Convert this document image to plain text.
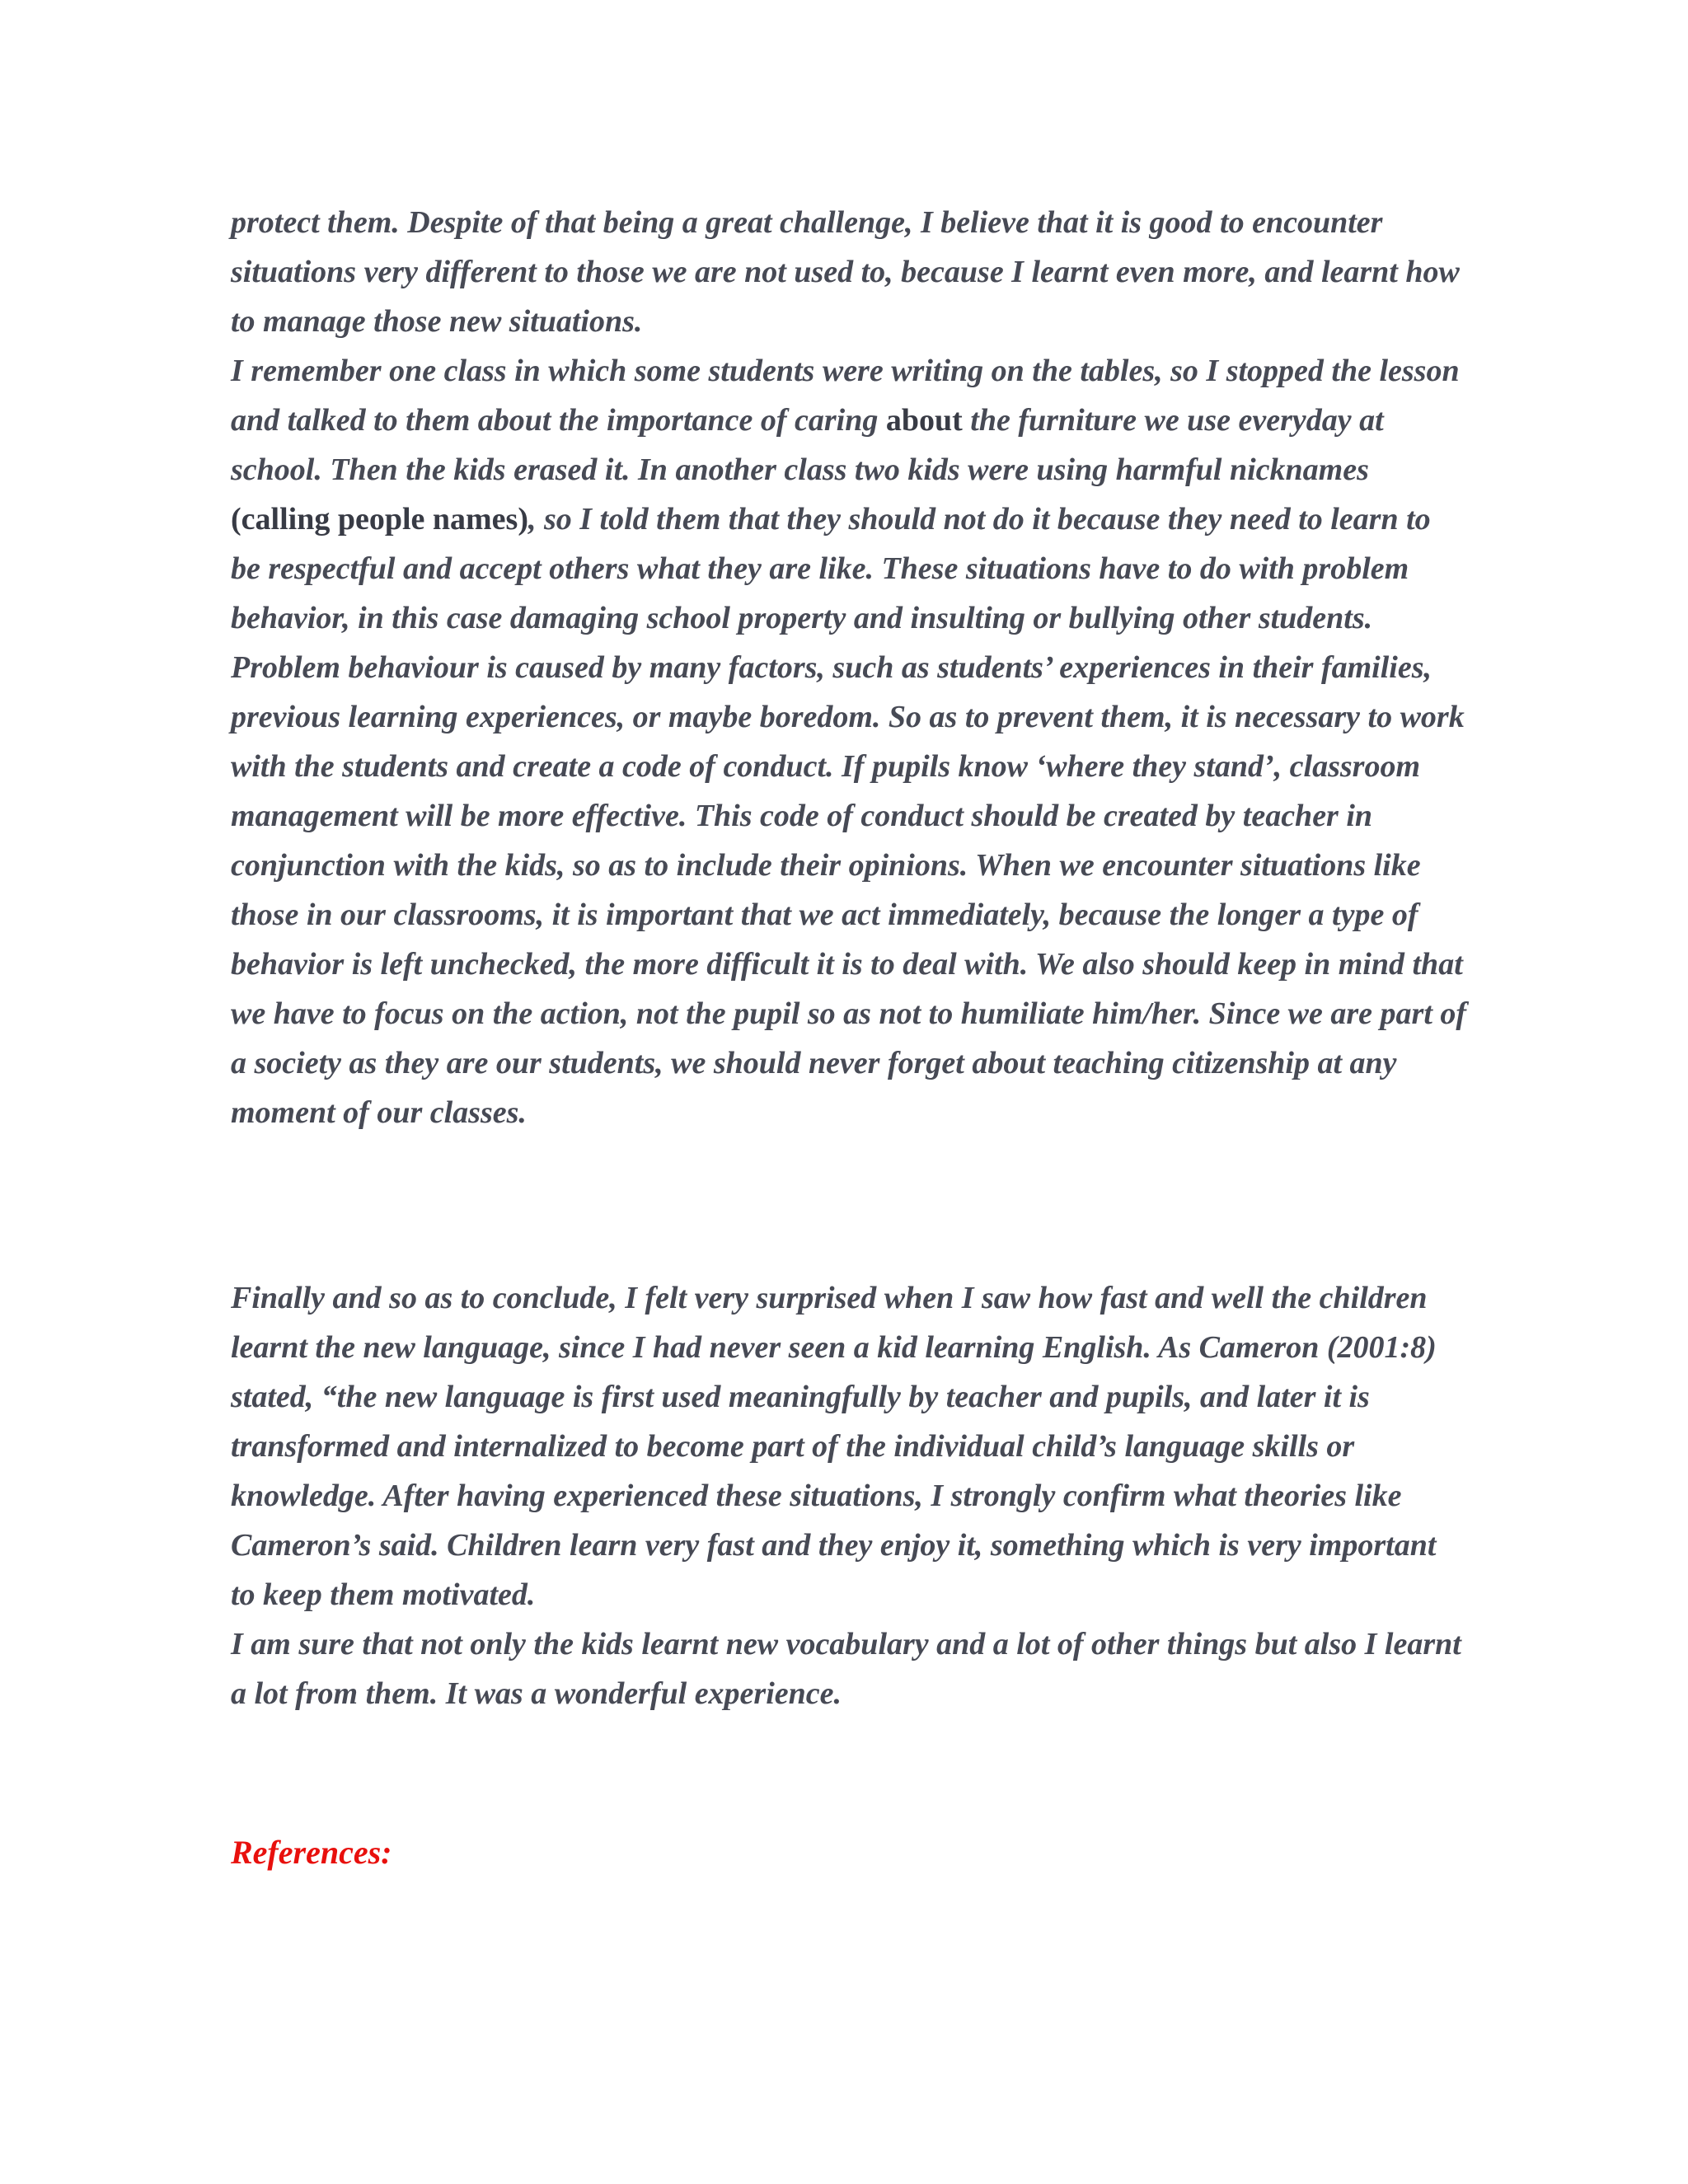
protect them. Despite of that being a great challenge, I believe that it is good to encounter situations very different to those we are not used to, because I learnt even more, and learnt how to manage those new situations.

I remember one class in which some students were writing on the tables, so I stopped the lesson and talked to them about the importance of caring about the furniture we use everyday at school. Then the kids erased it. In another class two kids were using harmful nicknames (calling people names), so I told them that they should not do it because they need to learn to be respectful and accept others what they are like. These situations have to do with problem behavior, in this case damaging school property and insulting or bullying other students. Problem behaviour is caused by many factors, such as students’ experiences in their families, previous learning experiences, or maybe boredom. So as to prevent them, it is necessary to work with the students and create a code of conduct. If pupils know ‘where they stand’, classroom management will be more effective. This code of conduct should be created by teacher in conjunction with the kids, so as to include their opinions. When we encounter situations like those in our classrooms, it is important that we act immediately, because the longer a type of behavior is left unchecked, the more difficult it is to deal with. We also should keep in mind that we have to focus on the action, not the pupil so as not to humiliate him/her. Since we are part of a society as they are our students, we should never forget about teaching citizenship at any moment of our classes.

Finally and so as to conclude, I felt very surprised when I saw how fast and well the children learnt the new language, since I had never seen a kid learning English. As Cameron (2001:8) stated, “the new language is first used meaningfully by teacher and pupils, and later it is transformed and internalized to become part of the individual child’s language skills or knowledge. After having experienced these situations, I strongly confirm what theories like Cameron’s said. Children learn very fast and they enjoy it, something which is very important to keep them motivated.

I am sure that not only the kids learnt new vocabulary and a lot of other things but also I learnt a lot from them. It was a wonderful experience.

References:
